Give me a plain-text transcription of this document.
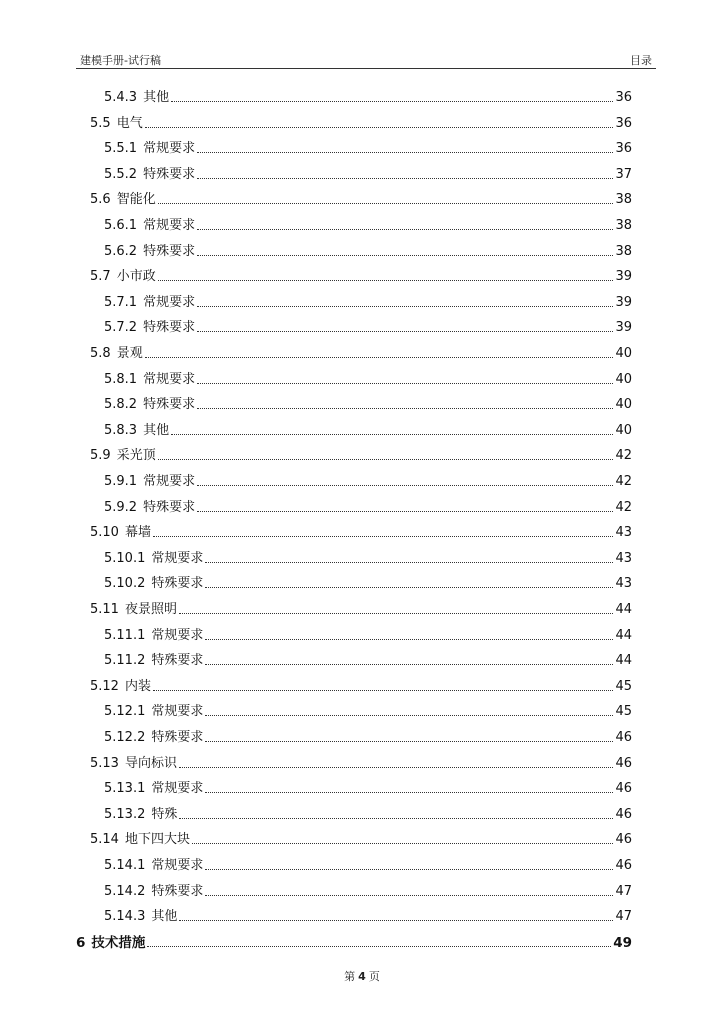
建模手册-试行稿	目录
5.4.3 其他	36
5.5 电气	36
5.5.1 常规要求	36
5.5.2 特殊要求	37
5.6 智能化	38
5.6.1 常规要求	38
5.6.2 特殊要求	38
5.7 小市政	39
5.7.1 常规要求	39
5.7.2 特殊要求	39
5.8 景观	40
5.8.1 常规要求	40
5.8.2 特殊要求	40
5.8.3 其他	40
5.9 采光顶	42
5.9.1 常规要求	42
5.9.2 特殊要求	42
5.10 幕墙	43
5.10.1 常规要求	43
5.10.2 特殊要求	43
5.11 夜景照明	44
5.11.1 常规要求	44
5.11.2 特殊要求	44
5.12 内装	45
5.12.1 常规要求	45
5.12.2 特殊要求	46
5.13 导向标识	46
5.13.1 常规要求	46
5.13.2 特殊	46
5.14 地下四大块	46
5.14.1 常规要求	46
5.14.2 特殊要求	47
5.14.3 其他	47
6 技术措施	49
第 4 页
